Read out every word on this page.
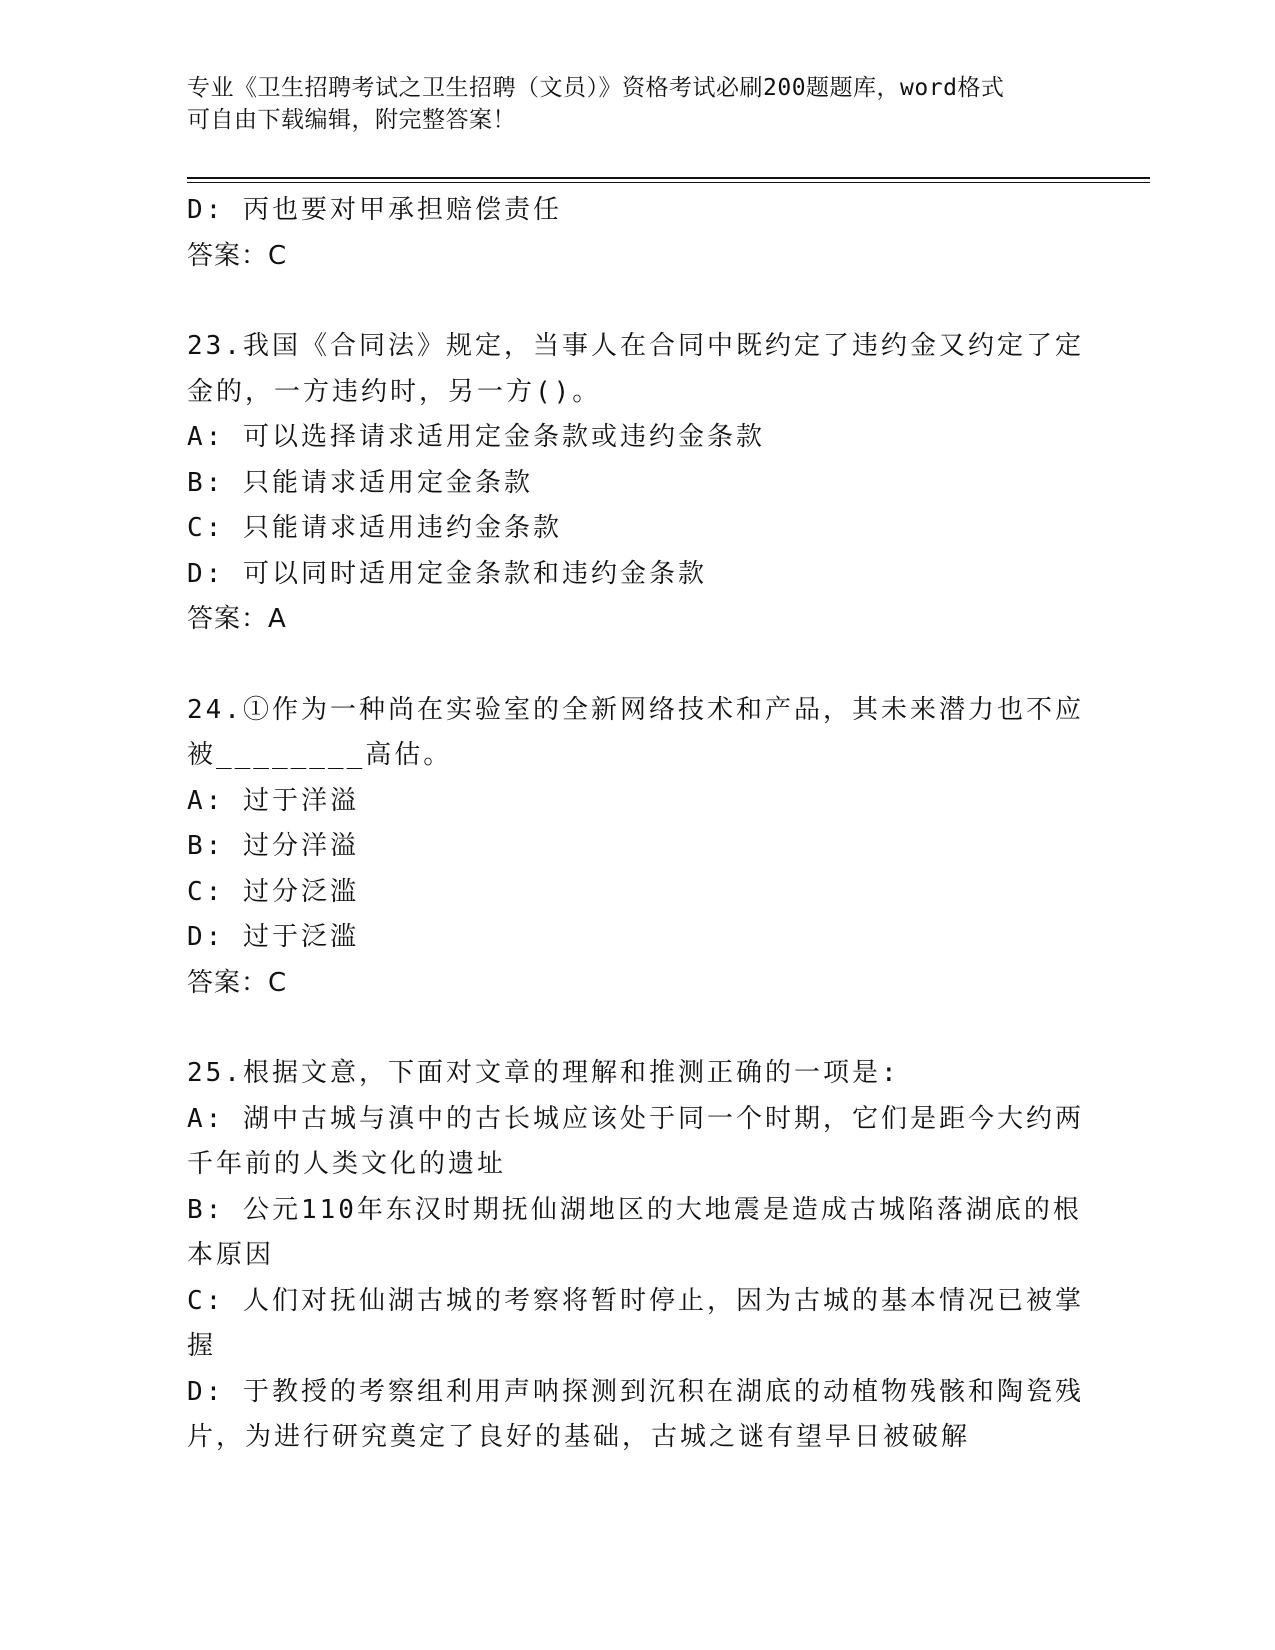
专业《卫生招聘考试之卫生招聘（文员）》资格考试必刷200题题库，word格式
可自由下载编辑，附完整答案！
D: 丙也要对甲承担赔偿责任
答案：C
23.我国《合同法》规定，当事人在合同中既约定了违约金又约定了定
金的，一方违约时，另一方()。
A: 可以选择请求适用定金条款或违约金条款
B: 只能请求适用定金条款
C: 只能请求适用违约金条款
D: 可以同时适用定金条款和违约金条款
答案：A
24.①作为一种尚在实验室的全新网络技术和产品，其未来潜力也不应
被________高估。
A: 过于洋溢
B: 过分洋溢
C: 过分泛滥
D: 过于泛滥
答案：C
25.根据文意，下面对文章的理解和推测正确的一项是:
A: 湖中古城与滇中的古长城应该处于同一个时期，它们是距今大约两
千年前的人类文化的遗址
B: 公元110年东汉时期抚仙湖地区的大地震是造成古城陷落湖底的根
本原因
C: 人们对抚仙湖古城的考察将暂时停止，因为古城的基本情况已被掌
握
D: 于教授的考察组利用声呐探测到沉积在湖底的动植物残骸和陶瓷残
片，为进行研究奠定了良好的基础，古城之谜有望早日被破解
